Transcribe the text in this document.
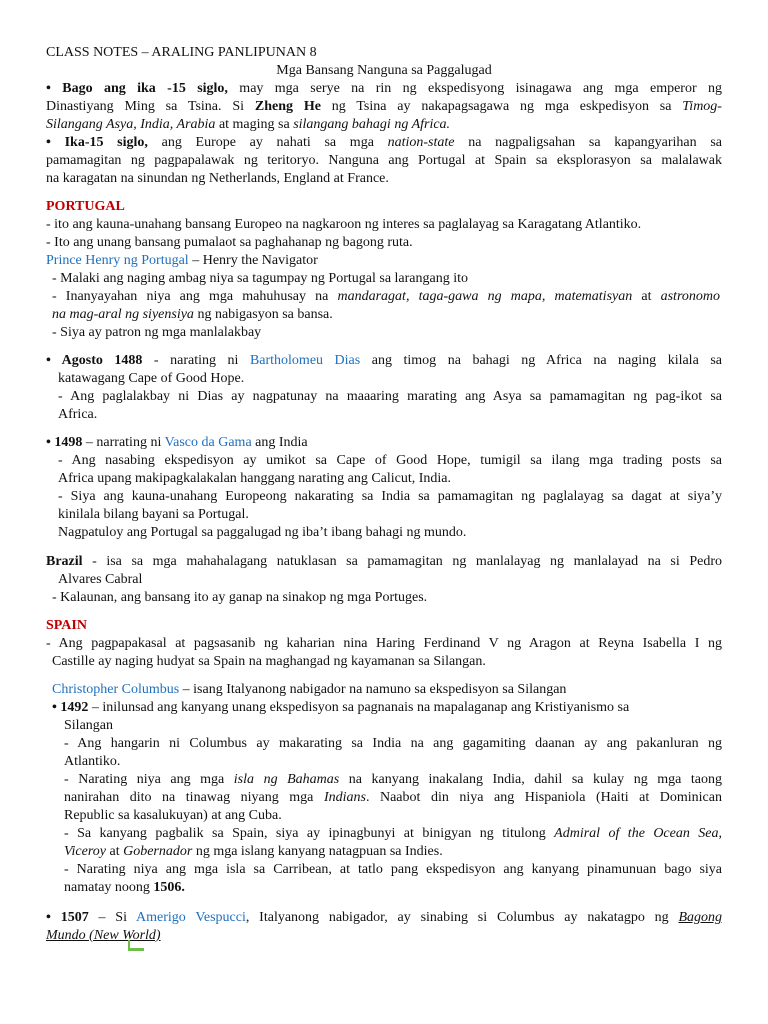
CLASS NOTES – ARALING PANLIPUNAN 8
Mga Bansang Nanguna sa Paggalugad
• Bago ang ika -15 siglo, may mga serye na rin ng ekspedisyong isinagawa ang mga emperor ng
Dinastiyang Ming sa Tsina. Si Zheng He ng Tsina ay nakapagsagawa ng mga eskpedisyon sa Timog-
Silangang Asya, India, Arabia at maging sa silangang bahagi ng Africa.
• Ika-15 siglo, ang Europe ay nahati sa mga nation-state na nagpaligsahan sa kapangyarihan sa
pamamagitan ng pagpapalawak ng teritoryo. Nanguna ang Portugal at Spain sa eksplorasyon sa malalawak
na karagatan na sinundan ng Netherlands, England at France.
PORTUGAL
- ito ang kauna-unahang bansang Europeo na nagkaroon ng interes sa paglalayag sa Karagatang Atlantiko.
- Ito ang unang bansang pumalaot sa paghahanap ng bagong ruta.
Prince Henry ng Portugal – Henry the Navigator
- Malaki ang naging ambag niya sa tagumpay ng Portugal sa larangang ito
- Inanyayahan niya ang mga mahuhusay na mandaragat, taga-gawa ng mapa, matematisyan at astronomo
na mag-aral ng siyensiya ng nabigasyon sa bansa.
- Siya ay patron ng mga manlalakbay
• Agosto 1488 - narating ni Bartholomeu Dias ang timog na bahagi ng Africa na naging kilala sa
katawagang Cape of Good Hope.
- Ang paglalakbay ni Dias ay nagpatunay na maaaring marating ang Asya sa pamamagitan ng pag-ikot sa
Africa.
• 1498 – narrating ni Vasco da Gama ang India
- Ang nasabing ekspedisyon ay umikot sa Cape of Good Hope, tumigil sa ilang mga trading posts sa
Africa upang makipagkalakalan hanggang narating ang Calicut, India.
- Siya ang kauna-unahang Europeong nakarating sa India sa pamamagitan ng paglalayag sa dagat at siya’y
kinilala bilang bayani sa Portugal.
Nagpatuloy ang Portugal sa paggalugad ng iba’t ibang bahagi ng mundo.
Brazil - isa sa mga mahahalagang natuklasan sa pamamagitan ng manlalayag ng manlalayad na si Pedro
Alvares Cabral
- Kalaunan, ang bansang ito ay ganap na sinakop ng mga Portuges.
SPAIN
- Ang pagpapakasal at pagsasanib ng kaharian nina Haring Ferdinand V ng Aragon at Reyna Isabella I ng
Castille ay naging hudyat sa Spain na maghangad ng kayamanan sa Silangan.
Christopher Columbus – isang Italyanong nabigador na namuno sa ekspedisyon sa Silangan
• 1492 – inilunsad ang kanyang unang ekspedisyon sa pagnanais na mapalaganap ang Kristiyanismo sa
Silangan
- Ang hangarin ni Columbus ay makarating sa India na ang gagamiting daanan ay ang pakanluran ng
Atlantiko.
- Narating niya ang mga isla ng Bahamas na kanyang inakalang India, dahil sa kulay ng mga taong
nanirahan dito na tinawag niyang mga Indians. Naabot din niya ang Hispaniola (Haiti at Dominican
Republic sa kasalukuyan) at ang Cuba.
- Sa kanyang pagbalik sa Spain, siya ay ipinagbunyi at binigyan ng titulong Admiral of the Ocean Sea,
Viceroy at Gobernador ng mga islang kanyang natagpuan sa Indies.
- Narating niya ang mga isla sa Carribean, at tatlo pang ekspedisyon ang kanyang pinamunuan bago siya
namatay noong 1506.
• 1507 – Si Amerigo Vespucci, Italyanong nabigador, ay sinabing si Columbus ay nakatagpo ng Bagong
Mundo (New World)
